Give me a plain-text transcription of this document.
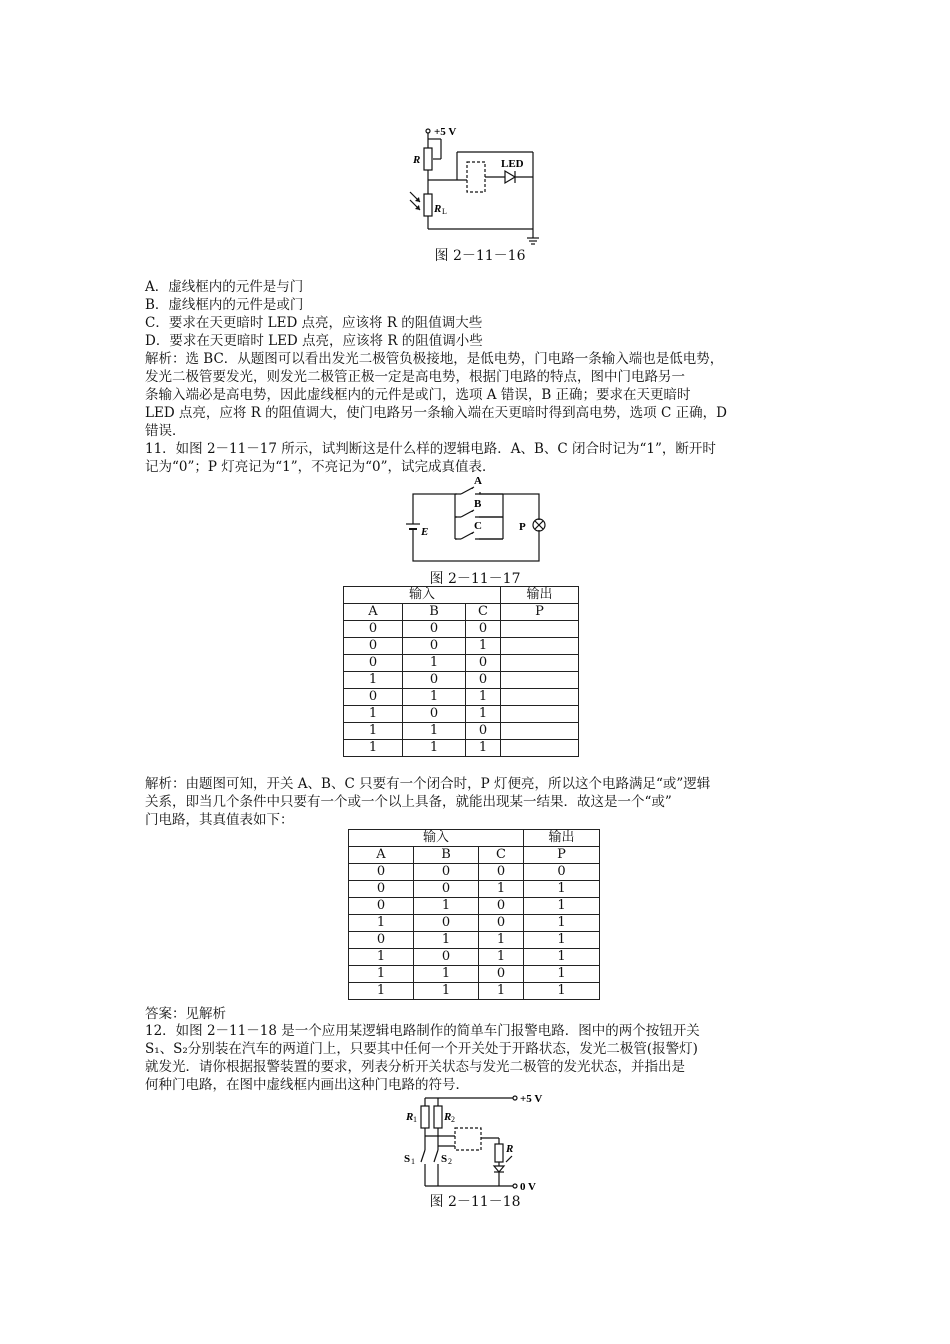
+5 V
R
R L
LED
图 2－11－16
A．虚线框内的元件是与门
B．虚线框内的元件是或门
C．要求在天更暗时 LED 点亮，应该将 R 的阻值调大些
D．要求在天更暗时 LED 点亮，应该将 R 的阻值调小些
解析：选 BC．从题图可以看出发光二极管负极接地，是低电势，门电路一条输入端也是低电势，
发光二极管要发光，则发光二极管正极一定是高电势，根据门电路的特点，图中门电路另一
条输入端必是高电势，因此虚线框内的元件是或门，选项 A 错误，B 正确；要求在天更暗时
LED 点亮，应将 R 的阻值调大，使门电路另一条输入端在天更暗时得到高电势，选项 C 正确，D
错误．
11．如图 2－11－17 所示，试判断这是什么样的逻辑电路．A、B、C 闭合时记为“1”，断开时
记为“0”；P 灯亮记为“1”，不亮记为“0”，试完成真值表．
A
B
C
E	P
图 2－11－17
输入			输出
A	B	C	P
0	0	0	
0	0	1	
0	1	0	
1	0	0	
0	1	1	
1	0	1	
1	1	0	
1	1	1	
解析：由题图可知，开关 A、B、C 只要有一个闭合时，P 灯便亮，所以这个电路满足“或”逻辑
关系，即当几个条件中只要有一个或一个以上具备，就能出现某一结果．故这是一个“或”
门电路，其真值表如下：
输入			输出
A	B	C	P
0	0	0	0
0	0	1	1
0	1	0	1
1	0	0	1
0	1	1	1
1	0	1	1
1	1	0	1
1	1	1	1
答案：见解析
12．如图 2－11－18 是一个应用某逻辑电路制作的简单车门报警电路．图中的两个按钮开关
S₁、S₂分别装在汽车的两道门上，只要其中任何一个开关处于开路状态，发光二极管(报警灯)
就发光．请你根据报警装置的要求，列表分析开关状态与发光二极管的发光状态，并指出是
何种门电路，在图中虚线框内画出这种门电路的符号．
+5 V
0 V
R 1 R 2
R
S 1 S 2
图 2－11－18
